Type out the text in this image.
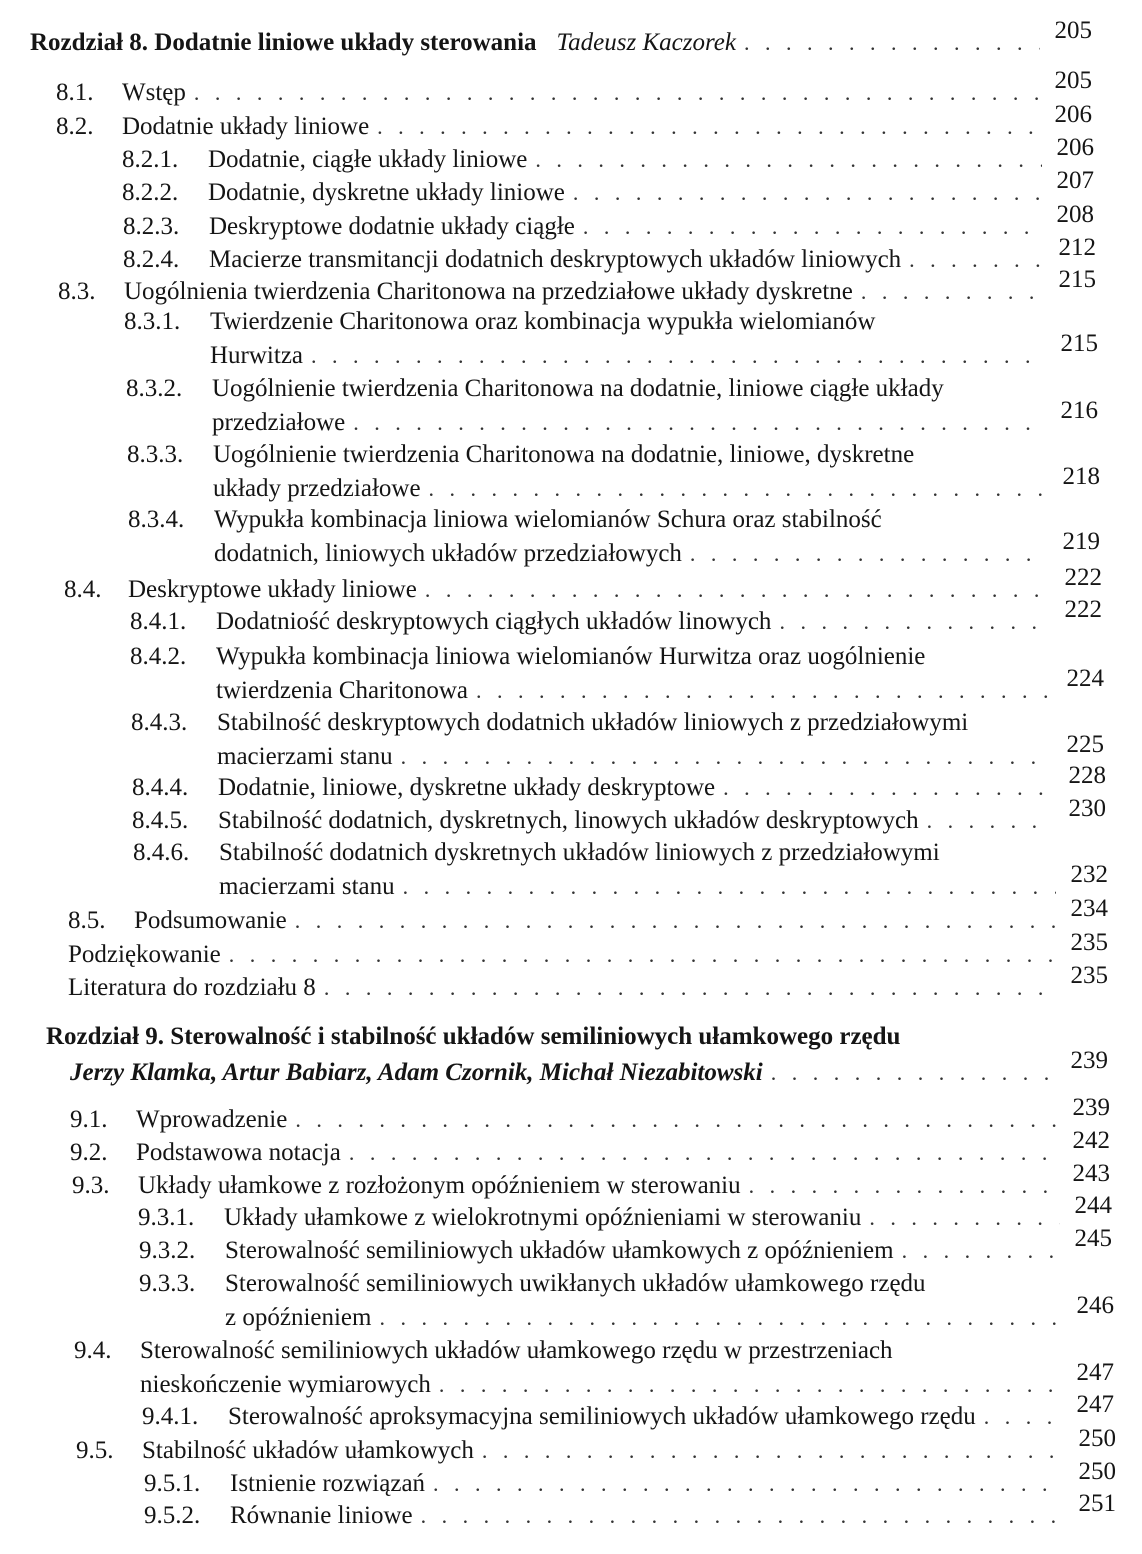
Rozdział 8. Dodatnie liniowe układy sterowania Tadeusz Kaczorek . . .	205
8.1.	Wstęp . . .	205
8.2.	Dodatnie układy liniowe . . .	206
8.2.1.	Dodatnie, ciągłe układy liniowe . . .	206
8.2.2.	Dodatnie, dyskretne układy liniowe . . .	207
8.2.3.	Deskryptowe dodatnie układy ciągłe . . .	208
8.2.4.	Macierze transmitancji dodatnich deskryptowych układów liniowych . . .	212
8.3.	Uogólnienia twierdzenia Charitonowa na przedziałowe układy dyskretne . . .	215
8.3.1.	Twierdzenie Charitonowa oraz kombinacja wypukła wielomianów
Hurwitza . . .	215
8.3.2.	Uogólnienie twierdzenia Charitonowa na dodatnie, liniowe ciągłe układy
przedziałowe . . .	216
8.3.3.	Uogólnienie twierdzenia Charitonowa na dodatnie, liniowe, dyskretne
układy przedziałowe . . .	218
8.3.4.	Wypukła kombinacja liniowa wielomianów Schura oraz stabilność
dodatnich, liniowych układów przedziałowych . . .	219
8.4.	Deskryptowe układy liniowe . . .	222
8.4.1.	Dodatniość deskryptowych ciągłych układów linowych . . .	222
8.4.2.	Wypukła kombinacja liniowa wielomianów Hurwitza oraz uogólnienie
twierdzenia Charitonowa . . .	224
8.4.3.	Stabilność deskryptowych dodatnich układów liniowych z przedziałowymi
macierzami stanu . . .	225
8.4.4.	Dodatnie, liniowe, dyskretne układy deskryptowe . . .	228
8.4.5.	Stabilność dodatnich, dyskretnych, linowych układów deskryptowych . . .	230
8.4.6.	Stabilność dodatnich dyskretnych układów liniowych z przedziałowymi
macierzami stanu . . .	232
8.5.	Podsumowanie . . .	234
Podziękowanie . . .	235
Literatura do rozdziału 8 . . .	235
Rozdział 9. Sterowalność i stabilność układów semiliniowych ułamkowego rzędu
Jerzy Klamka, Artur Babiarz, Adam Czornik, Michał Niezabitowski . . .	239
9.1.	Wprowadzenie . . .	239
9.2.	Podstawowa notacja . . .	242
9.3.	Układy ułamkowe z rozłożonym opóźnieniem w sterowaniu . . .	243
9.3.1.	Układy ułamkowe z wielokrotnymi opóźnieniami w sterowaniu . . .	244
9.3.2.	Sterowalność semiliniowych układów ułamkowych z opóźnieniem . . .	245
9.3.3.	Sterowalność semiliniowych uwikłanych układów ułamkowego rzędu
z opóźnieniem . . .	246
9.4.	Sterowalność semiliniowych układów ułamkowego rzędu w przestrzeniach
nieskończenie wymiarowych . . .	247
9.4.1.	Sterowalność aproksymacyjna semiliniowych układów ułamkowego rzędu . . .	247
9.5.	Stabilność układów ułamkowych . . .	250
9.5.1.	Istnienie rozwiązań . . .	250
9.5.2.	Równanie liniowe . . .	251
